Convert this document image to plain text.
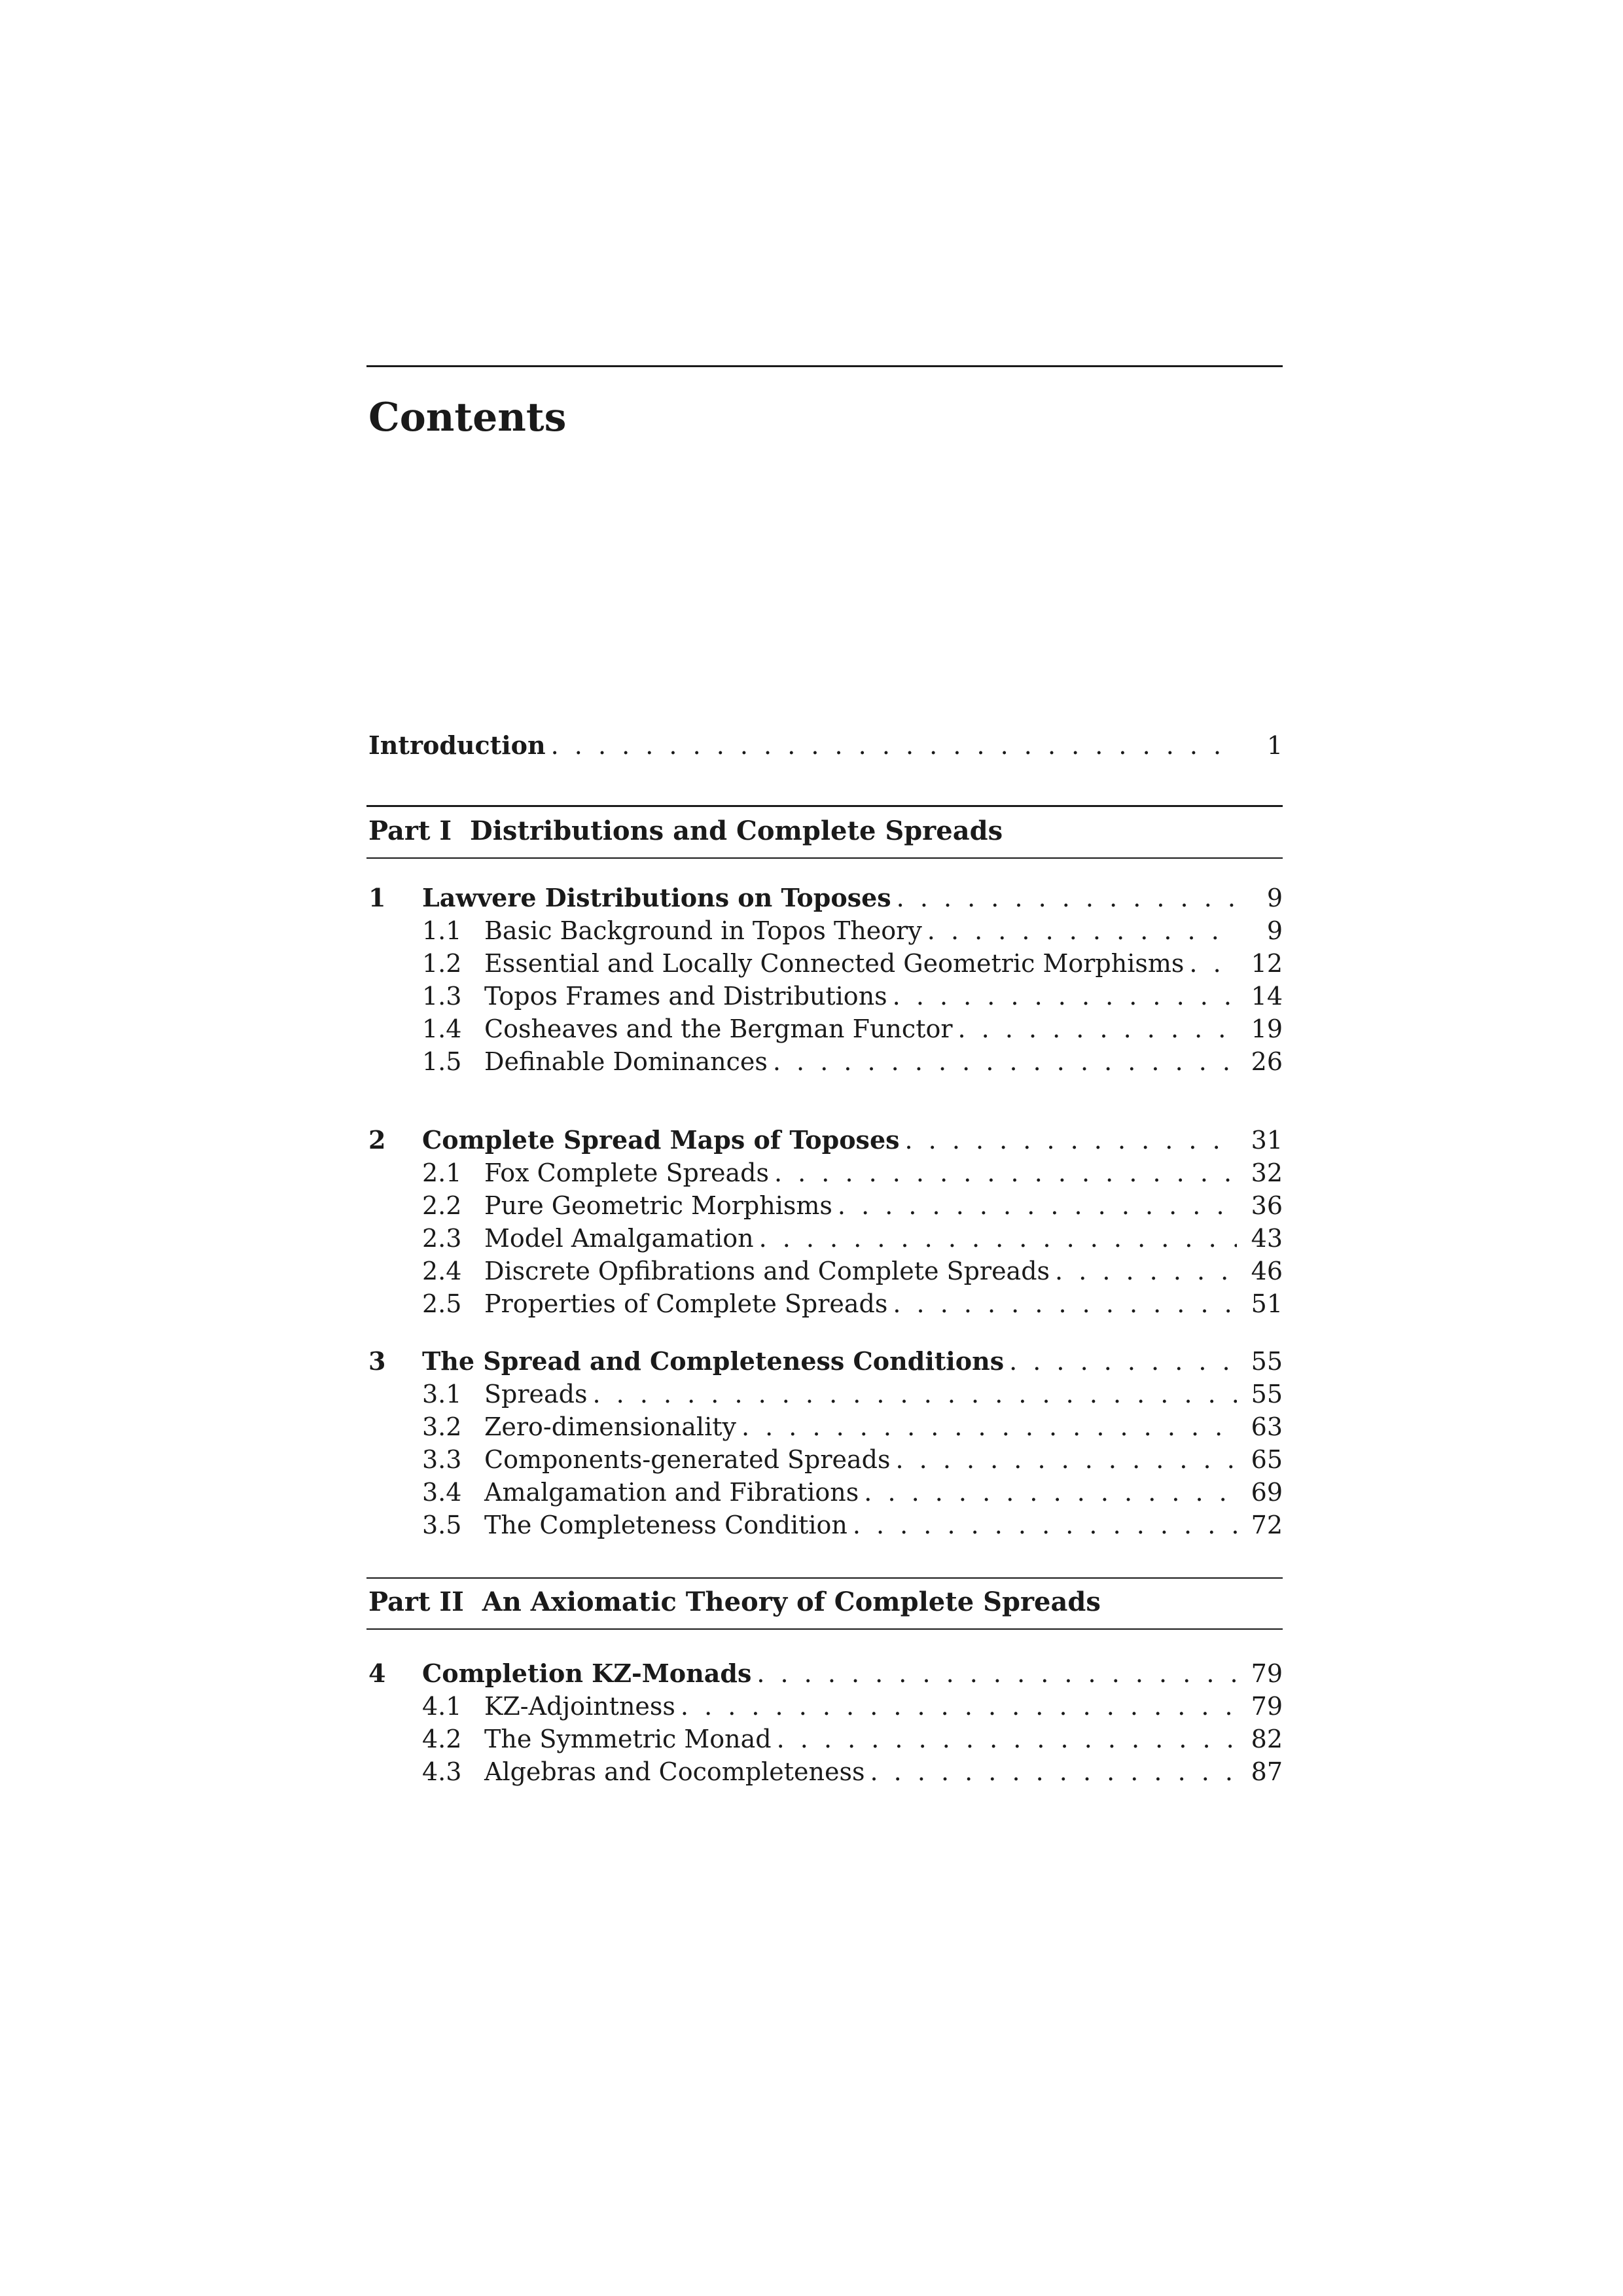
Contents
Introduction . . .	1
Part I Distributions and Complete Spreads
1 Lawvere Distributions on Toposes . . .	9
1.1 Basic Background in Topos Theory . . .	9
1.2 Essential and Locally Connected Geometric Morphisms . . .	12
1.3 Topos Frames and Distributions . . .	14
1.4 Cosheaves and the Bergman Functor . . .	19
1.5 Definable Dominances . . .	26
2 Complete Spread Maps of Toposes . . .	31
2.1 Fox Complete Spreads . . .	32
2.2 Pure Geometric Morphisms . . .	36
2.3 Model Amalgamation . . .	43
2.4 Discrete Opfibrations and Complete Spreads . . .	46
2.5 Properties of Complete Spreads . . .	51
3 The Spread and Completeness Conditions . . .	55
3.1 Spreads . . .	55
3.2 Zero-dimensionality . . .	63
3.3 Components-generated Spreads . . .	65
3.4 Amalgamation and Fibrations . . .	69
3.5 The Completeness Condition . . .	72
Part II An Axiomatic Theory of Complete Spreads
4 Completion KZ-Monads . . .	79
4.1 KZ-Adjointness . . .	79
4.2 The Symmetric Monad . . .	82
4.3 Algebras and Cocompleteness . . .	87
